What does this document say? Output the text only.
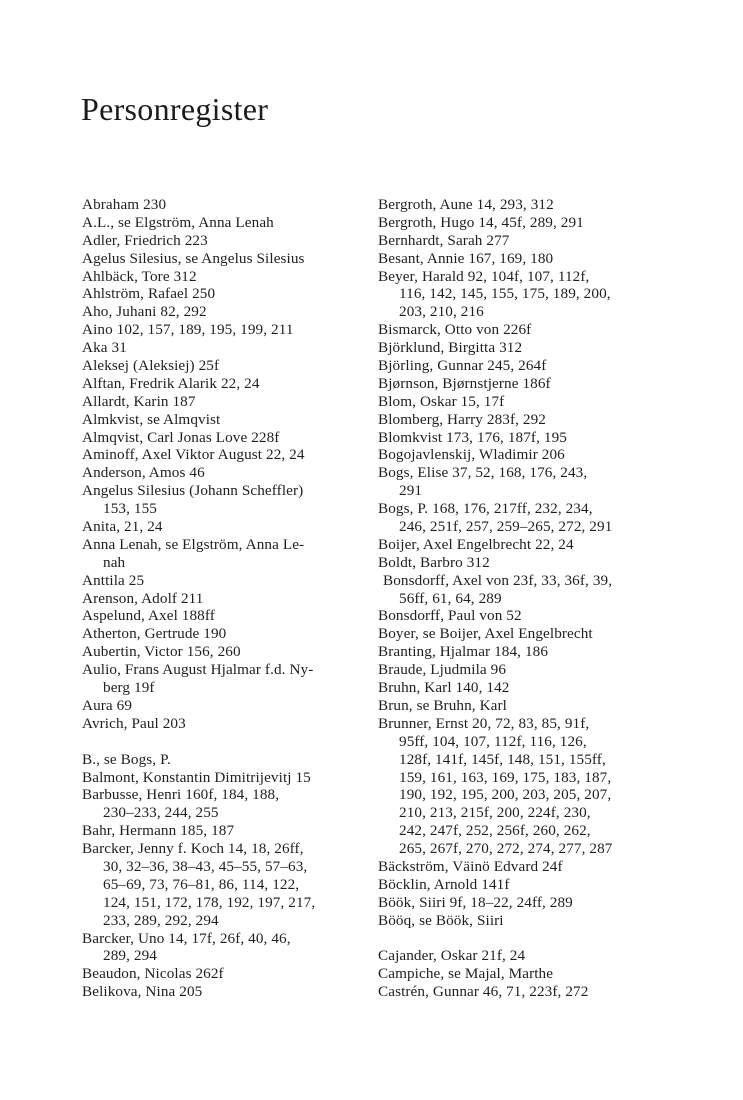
Personregister
Abraham 230
A.L., se Elgström, Anna Lenah
Adler, Friedrich 223
Agelus Silesius, se Angelus Silesius
Ahlbäck, Tore 312
Ahlström, Rafael 250
Aho, Juhani 82, 292
Aino 102, 157, 189, 195, 199, 211
Aka 31
Aleksej (Aleksiej) 25f
Alftan, Fredrik Alarik 22, 24
Allardt, Karin 187
Almkvist, se Almqvist
Almqvist, Carl Jonas Love 228f
Aminoff, Axel Viktor August 22, 24
Anderson, Amos 46
Angelus Silesius (Johann Scheffler)
153, 155
Anita, 21, 24
Anna Lenah, se Elgström, Anna Le-
nah
Anttila 25
Arenson, Adolf 211
Aspelund, Axel 188ff
Atherton, Gertrude 190
Aubertin, Victor 156, 260
Aulio, Frans August Hjalmar f.d. Ny-
berg 19f
Aura 69
Avrich, Paul 203

B., se Bogs, P.
Balmont, Konstantin Dimitrijevitj 15
Barbusse, Henri 160f, 184, 188,
230–233, 244, 255
Bahr, Hermann 185, 187
Barcker, Jenny f. Koch 14, 18, 26ff,
30, 32–36, 38–43, 45–55, 57–63,
65–69, 73, 76–81, 86, 114, 122,
124, 151, 172, 178, 192, 197, 217,
233, 289, 292, 294
Barcker, Uno 14, 17f, 26f, 40, 46,
289, 294
Beaudon, Nicolas 262f
Belikova, Nina 205
Bergroth, Aune 14, 293, 312
Bergroth, Hugo 14, 45f, 289, 291
Bernhardt, Sarah 277
Besant, Annie 167, 169, 180
Beyer, Harald 92, 104f, 107, 112f,
116, 142, 145, 155, 175, 189, 200,
203, 210, 216
Bismarck, Otto von 226f
Björklund, Birgitta 312
Björling, Gunnar 245, 264f
Bjørnson, Bjørnstjerne 186f
Blom, Oskar 15, 17f
Blomberg, Harry 283f, 292
Blomkvist 173, 176, 187f, 195
Bogojavlenskij, Wladimir 206
Bogs, Elise 37, 52, 168, 176, 243,
291
Bogs, P. 168, 176, 217ff, 232, 234,
246, 251f, 257, 259–265, 272, 291
Boijer, Axel Engelbrecht 22, 24
Boldt, Barbro 312
Bonsdorff, Axel von 23f, 33, 36f, 39,
56ff, 61, 64, 289
Bonsdorff, Paul von 52
Boyer, se Boijer, Axel Engelbrecht
Branting, Hjalmar 184, 186
Braude, Ljudmila 96
Bruhn, Karl 140, 142
Brun, se Bruhn, Karl
Brunner, Ernst 20, 72, 83, 85, 91f,
95ff, 104, 107, 112f, 116, 126,
128f, 141f, 145f, 148, 151, 155ff,
159, 161, 163, 169, 175, 183, 187,
190, 192, 195, 200, 203, 205, 207,
210, 213, 215f, 200, 224f, 230,
242, 247f, 252, 256f, 260, 262,
265, 267f, 270, 272, 274, 277, 287
Bäckström, Väinö Edvard 24f
Böcklin, Arnold 141f
Böök, Siiri 9f, 18–22, 24ff, 289
Bööq, se Böök, Siiri

Cajander, Oskar 21f, 24
Campiche, se Majal, Marthe
Castrén, Gunnar 46, 71, 223f, 272
